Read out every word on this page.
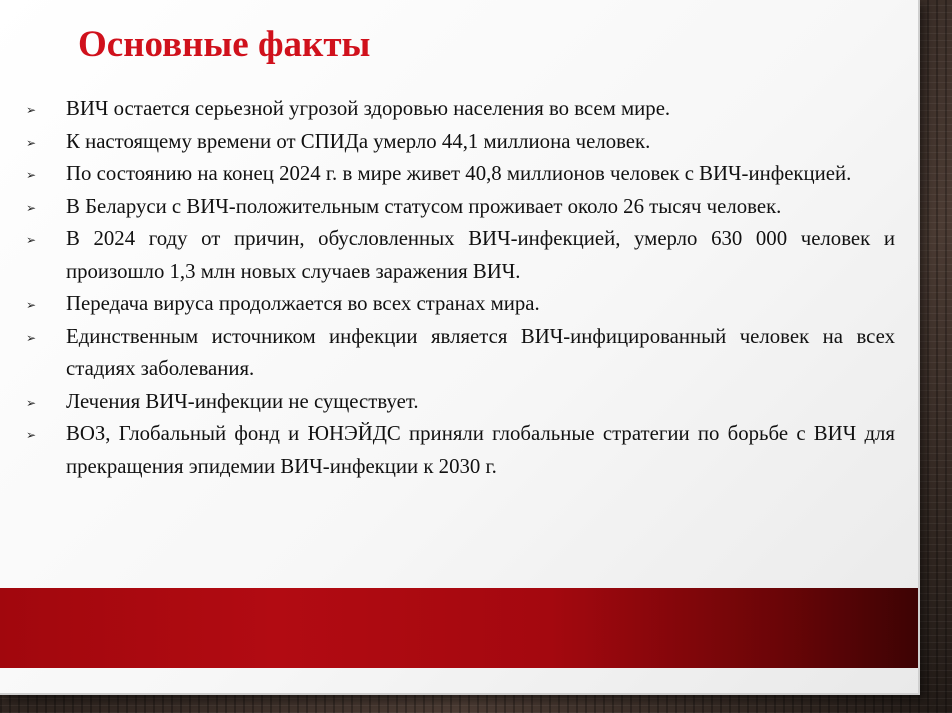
Основные факты
➢ ВИЧ остается серьезной угрозой здоровью населения во всем мире.
➢ К настоящему времени от СПИДа умерло 44,1 миллиона человек.
➢ По состоянию на конец 2024 г. в мире живет 40,8 миллионов человек с ВИЧ-инфекцией.
➢ В Беларуси с ВИЧ-положительным статусом проживает около 26 тысяч человек.
➢ В 2024 году от причин, обусловленных ВИЧ-инфекцией, умерло 630 000 человек и произошло 1,3 млн новых случаев заражения ВИЧ.
➢ Передача вируса продолжается во всех странах мира.
➢ Единственным источником инфекции является ВИЧ-инфицированный человек на всех стадиях заболевания.
➢ Лечения ВИЧ-инфекции не существует.
➢ ВОЗ, Глобальный фонд и ЮНЭЙДС приняли глобальные стратегии по борьбе с ВИЧ для прекращения эпидемии ВИЧ-инфекции к 2030 г.
